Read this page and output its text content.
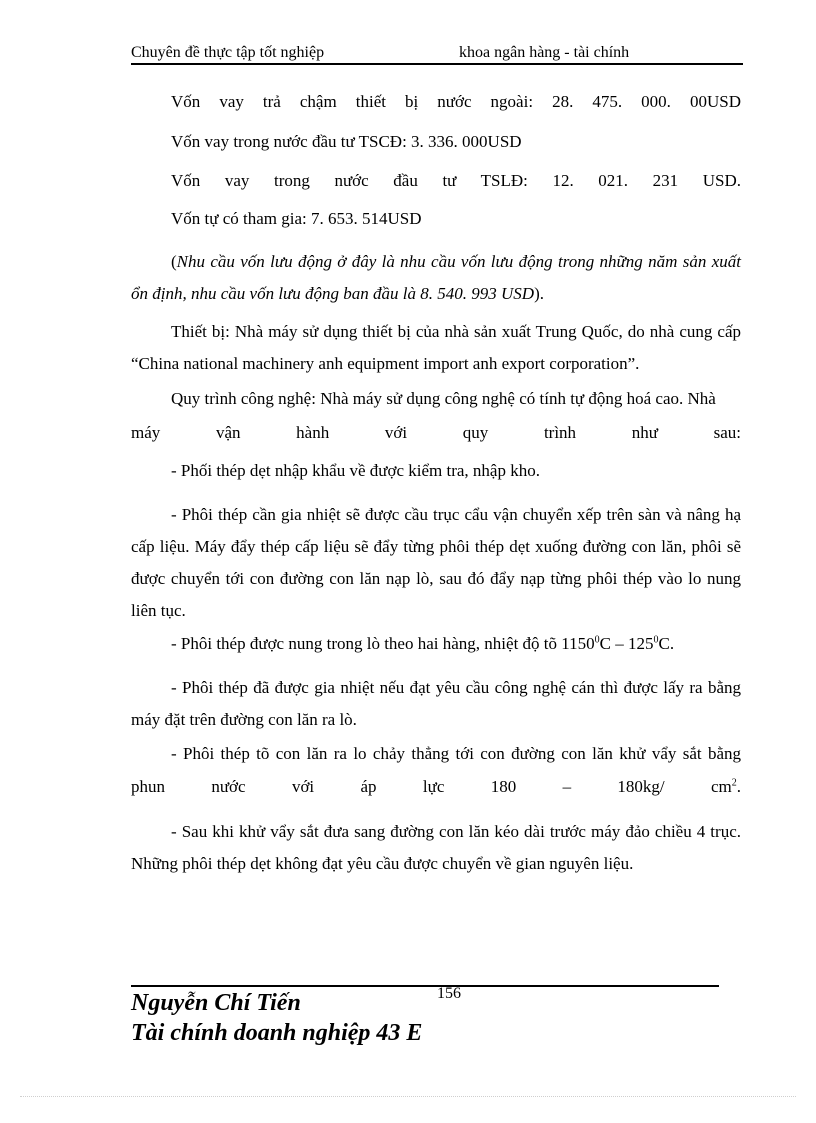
Chuyên đề thực tập tốt nghiệp	khoa ngân hàng - tài chính
Vốn vay trả chậm thiết bị nước ngoài: 28. 475. 000. 00USD
Vốn vay trong nước đầu tư TSCĐ: 3. 336. 000USD
Vốn vay trong nước đầu tư TSLĐ: 12. 021. 231 USD.
Vốn tự có tham gia: 7. 653. 514USD
(Nhu cầu vốn lưu động ở đây là nhu cầu vốn lưu động trong những năm sản xuất ổn định, nhu cầu vốn lưu động ban đầu là 8. 540. 993 USD).
Thiết bị: Nhà máy sử dụng thiết bị của nhà sản xuất Trung Quốc, do nhà cung cấp “China national machinery anh equipment import anh export corporation”.
Quy trình công nghệ: Nhà máy sử dụng công nghệ có tính tự động hoá cao. Nhà
máy vận hành với quy trình như sau:
- Phối thép dẹt nhập khẩu về được kiểm tra, nhập kho.
- Phôi thép cần gia nhiệt sẽ được cầu trục cẩu vận chuyển xếp trên sàn và nâng hạ cấp liệu. Máy đẩy thép cấp liệu sẽ đẩy từng phôi thép dẹt xuống đường con lăn, phôi sẽ được chuyển tới con đường con lăn nạp lò, sau đó đẩy nạp từng phôi thép vào lo nung liên tục.
- Phôi thép được nung trong lò theo hai hàng, nhiệt độ tõ $1150^0C - 125^0C$.
- Phôi thép đã được gia nhiệt nếu đạt yêu cầu công nghệ cán thì được lấy ra bằng máy đặt trên đường con lăn ra lò.
- Phôi thép tõ con lăn ra lo chảy thẳng tới con đường con lăn khử vẩy sắt bằng
phun nước với áp lực 180 – 180kg/ $cm^2$.
- Sau khi khử vẩy sắt đưa sang đường con lăn kéo dài trước máy đảo chiều 4 trục. Những phôi thép dẹt không đạt yêu cầu được chuyển về gian nguyên liệu.
156
Nguyễn Chí Tiến
Tài chính doanh nghiệp 43 E
